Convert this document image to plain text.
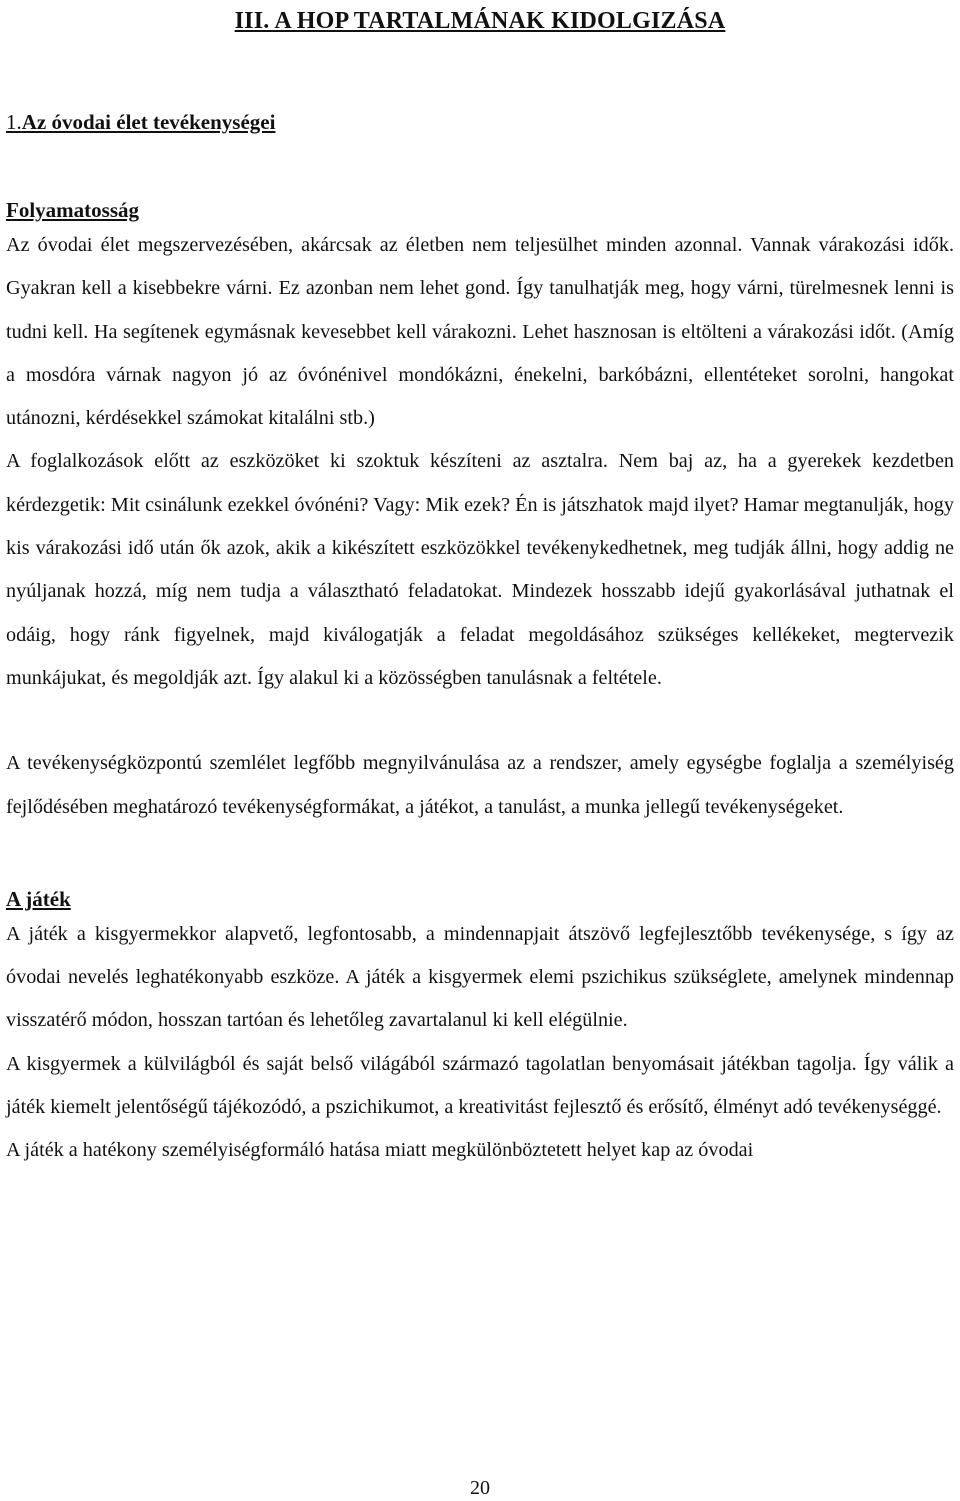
III. A HOP TARTALMÁNAK KIDOLGIZÁSA
1.Az óvodai élet tevékenységei
Folyamatosság

Az óvodai élet megszervezésében, akárcsak az életben nem teljesülhet minden azonnal. Vannak várakozási idők. Gyakran kell a kisebbekre várni. Ez azonban nem lehet gond. Így tanulhatják meg, hogy várni, türelmesnek lenni is tudni kell. Ha segítenek egymásnak kevesebbet kell várakozni. Lehet hasznosan is eltölteni a várakozási időt. (Amíg a mosdóra várnak nagyon jó az óvónénivel mondókázni, énekelni, barkóbázni, ellentéteket sorolni, hangokat utánozni, kérdésekkel számokat kitalálni stb.)

A foglalkozások előtt az eszközöket ki szoktuk készíteni az asztalra. Nem baj az, ha a gyerekek kezdetben kérdezgetik: Mit csinálunk ezekkel óvónéni? Vagy: Mik ezek? Én is játszhatok majd ilyet? Hamar megtanulják, hogy kis várakozási idő után ők azok, akik a kikészített eszközökkel tevékenykedhetnek, meg tudják állni, hogy addig ne nyúljanak hozzá, míg nem tudja a választható feladatokat. Mindezek hosszabb idejű gyakorlásával juthatnak el odáig, hogy ránk figyelnek, majd kiválogatják a feladat megoldásához szükséges kellékeket, megtervezik munkájukat, és megoldják azt. Így alakul ki a közösségben tanulásnak a feltétele.

A tevékenységközpontú szemlélet legfőbb megnyilvánulása az a rendszer, amely egységbe foglalja a személyiség fejlődésében meghatározó tevékenységformákat, a játékot, a tanulást, a munka jellegű tevékenységeket.

A játék

A játék a kisgyermekkor alapvető, legfontosabb, a mindennapjait átszövő legfejlesztőbb tevékenysége, s így az óvodai nevelés leghatékonyabb eszköze. A játék a kisgyermek elemi pszichikus szükséglete, amelynek mindennap visszatérő módon, hosszan tartóan és lehetőleg zavartalanul ki kell elégülnie.

A kisgyermek a külvilágból és saját belső világából származó tagolatlan benyomásait játékban tagolja. Így válik a játék kiemelt jelentőségű tájékozódó, a pszichikumot, a kreativitást fejlesztő és erősítő, élményt adó tevékenységgé.

A játék a hatékony személyiségformáló hatása miatt megkülönböztetett helyet kap az óvodai

20
